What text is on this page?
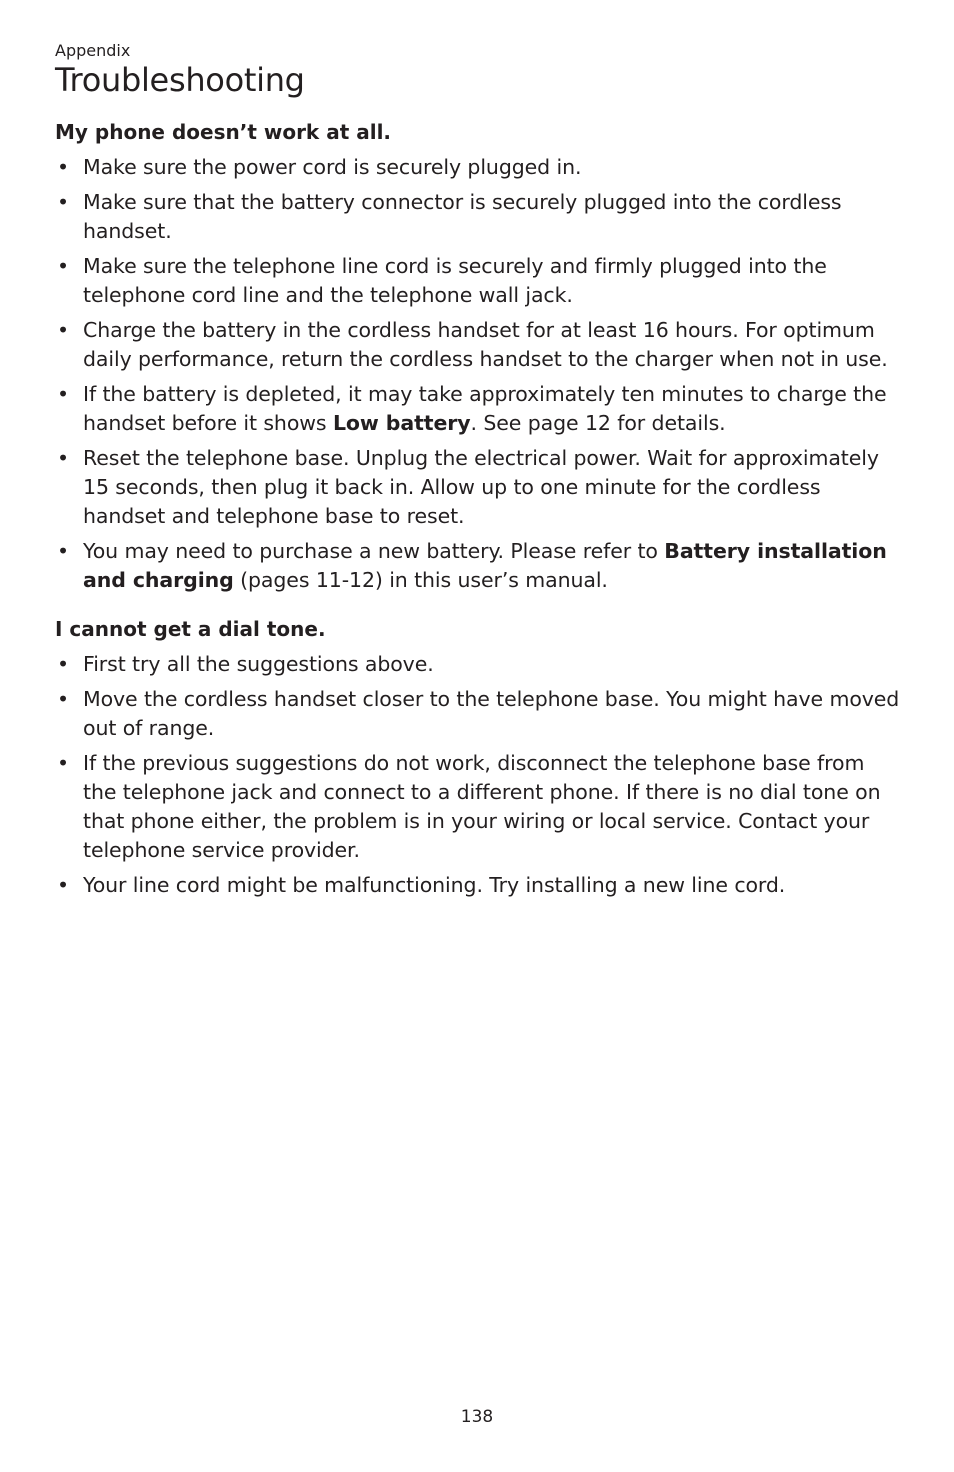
Appendix

Troubleshooting
My phone doesn’t work at all.
• Make sure the power cord is securely plugged in.
• Make sure that the battery connector is securely plugged into the cordless handset.
• Make sure the telephone line cord is securely and firmly plugged into the telephone cord line and the telephone wall jack.
• Charge the battery in the cordless handset for at least 16 hours. For optimum daily performance, return the cordless handset to the charger when not in use.
• If the battery is depleted, it may take approximately ten minutes to charge the handset before it shows Low battery. See page 12 for details.
• Reset the telephone base. Unplug the electrical power. Wait for approximately 15 seconds, then plug it back in. Allow up to one minute for the cordless handset and telephone base to reset.
• You may need to purchase a new battery. Please refer to Battery installation and charging (pages 11-12) in this user’s manual.
I cannot get a dial tone.
• First try all the suggestions above.
• Move the cordless handset closer to the telephone base. You might have moved out of range.
• If the previous suggestions do not work, disconnect the telephone base from the telephone jack and connect to a different phone. If there is no dial tone on that phone either, the problem is in your wiring or local service. Contact your telephone service provider.
• Your line cord might be malfunctioning. Try installing a new line cord.
138
